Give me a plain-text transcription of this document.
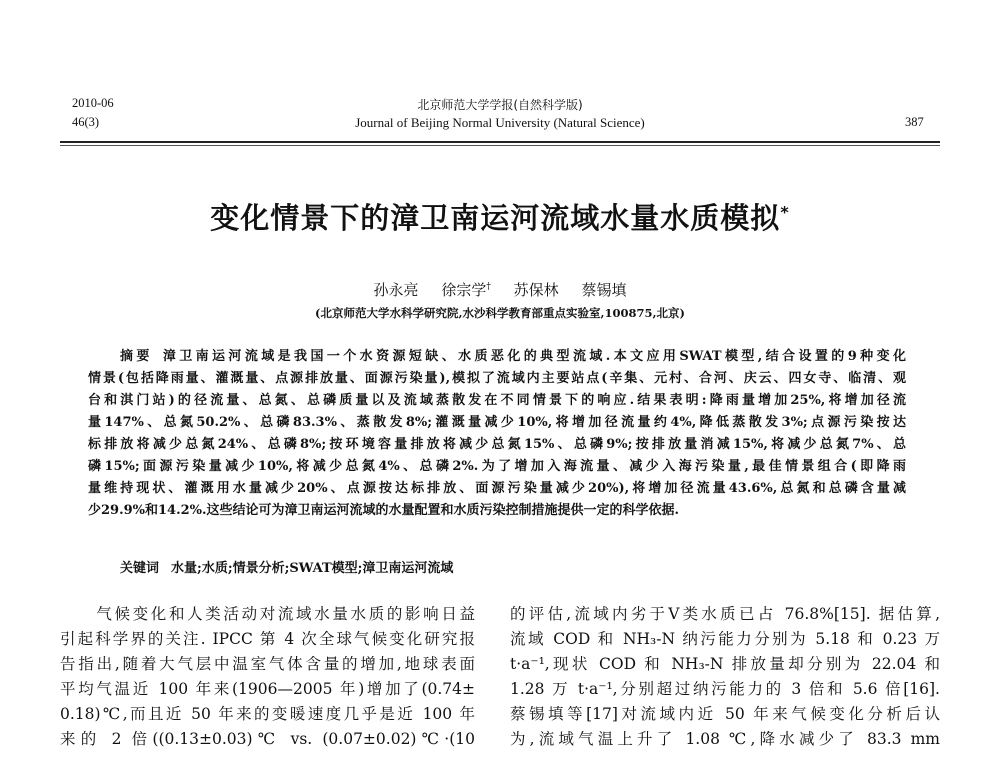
2010-06
46(3)
北京师范大学学报(自然科学版)
Journal of Beijing Normal University (Natural Science)	387
变化情景下的漳卫南运河流域水量水质模拟*
孙永亮 徐宗学† 苏保林 蔡锡填
(北京师范大学水科学研究院,水沙科学教育部重点实验室,100875,北京)
摘要 漳卫南运河流域是我国一个水资源短缺、水质恶化的典型流域.本文应用SWAT模型,结合设置的9种变化
情景(包括降雨量、灌溉量、点源排放量、面源污染量),模拟了流域内主要站点(辛集、元村、合河、庆云、四女寺、临清、观
台和淇门站)的径流量、总氮、总磷质量以及流域蒸散发在不同情景下的响应.结果表明:降雨量增加25%,将增加径流
量147%、总氮50.2%、总磷83.3%、蒸散发8%;灌溉量减少10%,将增加径流量约4%,降低蒸散发3%;点源污染按达
标排放将减少总氮24%、总磷8%;按环境容量排放将减少总氮15%、总磷9%;按排放量消减15%,将减少总氮7%、总
磷15%;面源污染量减少10%,将减少总氮4%、总磷2%.为了增加入海流量、减少入海污染量,最佳情景组合(即降雨
量维持现状、灌溉用水量减少20%、点源按达标排放、面源污染量减少20%),将增加径流量43.6%,总氮和总磷含量减
少29.9%和14.2%.这些结论可为漳卫南运河流域的水量配置和水质污染控制措施提供一定的科学依据.
关键词 水量;水质;情景分析;SWAT模型;漳卫南运河流域
　　气候变化和人类活动对流域水量水质的影响日益
引起科学界的关注. IPCC 第 4 次全球气候变化研究报
告指出,随着大气层中温室气体含量的增加,地球表面
平均气温近 100 年来(1906—2005 年)增加了(0.74±
0.18)℃,而且近 50 年来的变暖速度几乎是近 100 年
来的 2 倍((0.13±0.03)℃ vs. (0.07±0.02)℃·(10
的评估,流域内劣于V类水质已占 76.8%[15]. 据估算,
流域 COD 和 NH₃-N 纳污能力分别为 5.18 和 0.23 万
t·a⁻¹,现状 COD 和 NH₃-N 排放量却分别为 22.04 和
1.28 万 t·a⁻¹,分别超过纳污能力的 3 倍和 5.6 倍[16].
蔡锡填等[17]对流域内近 50 年来气候变化分析后认
为,流域气温上升了 1.08 ℃,降水减少了 83.3 mm
